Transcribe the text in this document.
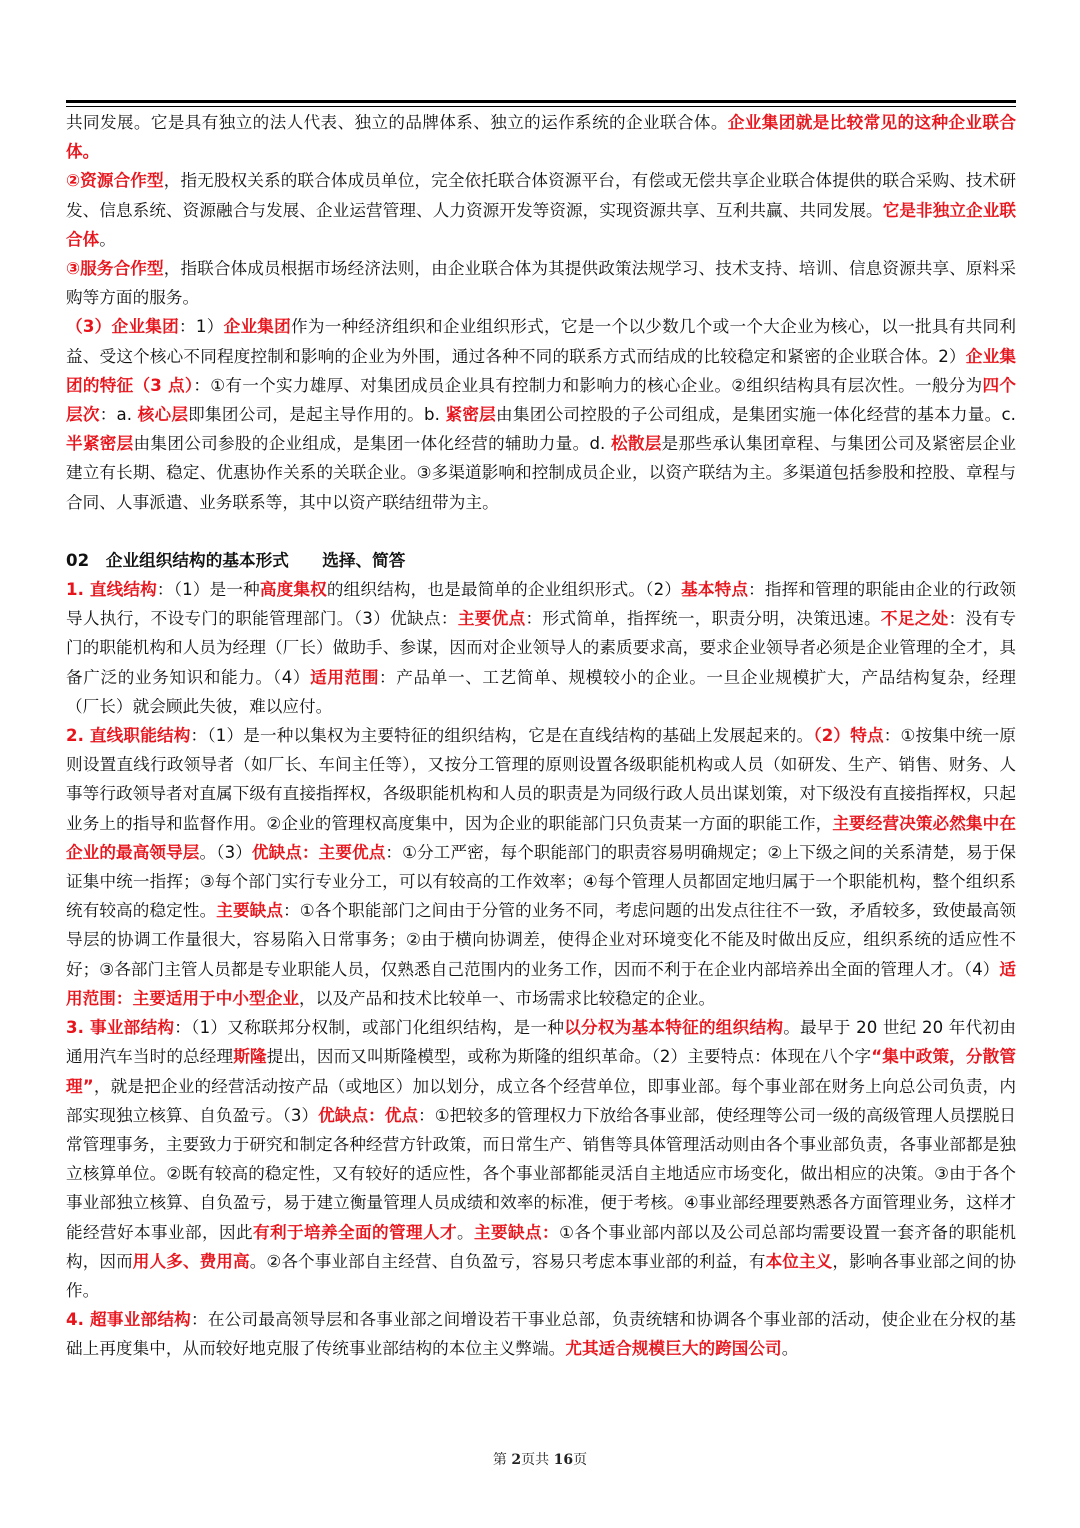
共同发展。它是具有独立的法人代表、独立的品牌体系、独立的运作系统的企业联合体。企业集团就是比较常见的这种企业联合体。

②资源合作型，指无股权关系的联合体成员单位，完全依托联合体资源平台，有偿或无偿共享企业联合体提供的联合采购、技术研发、信息系统、资源融合与发展、企业运营管理、人力资源开发等资源，实现资源共享、互利共赢、共同发展。它是非独立企业联合体。

③服务合作型，指联合体成员根据市场经济法则，由企业联合体为其提供政策法规学习、技术支持、培训、信息资源共享、原料采购等方面的服务。

（3）企业集团：1）企业集团作为一种经济组织和企业组织形式，它是一个以少数几个或一个大企业为核心，以一批具有共同利益、受这个核心不同程度控制和影响的企业为外围，通过各种不同的联系方式而结成的比较稳定和紧密的企业联合体。2）企业集团的特征（3 点）：①有一个实力雄厚、对集团成员企业具有控制力和影响力的核心企业。②组织结构具有层次性。一般分为四个层次：a. 核心层即集团公司，是起主导作用的。b. 紧密层由集团公司控股的子公司组成，是集团实施一体化经营的基本力量。c. 半紧密层由集团公司参股的企业组成，是集团一体化经营的辅助力量。d. 松散层是那些承认集团章程、与集团公司及紧密层企业建立有长期、稳定、优惠协作关系的关联企业。③多渠道影响和控制成员企业，以资产联结为主。多渠道包括参股和控股、章程与合同、人事派遣、业务联系等，其中以资产联结纽带为主。

02　企业组织结构的基本形式　　选择、简答

1. 直线结构：（1）是一种高度集权的组织结构，也是最简单的企业组织形式。（2）基本特点：指挥和管理的职能由企业的行政领导人执行，不设专门的职能管理部门。（3）优缺点：主要优点：形式简单，指挥统一，职责分明，决策迅速。不足之处：没有专门的职能机构和人员为经理（厂长）做助手、参谋，因而对企业领导人的素质要求高，要求企业领导者必须是企业管理的全才，具备广泛的业务知识和能力。（4）适用范围：产品单一、工艺简单、规模较小的企业。一旦企业规模扩大，产品结构复杂，经理（厂长）就会顾此失彼，难以应付。

2. 直线职能结构：（1）是一种以集权为主要特征的组织结构，它是在直线结构的基础上发展起来的。（2）特点：①按集中统一原则设置直线行政领导者（如厂长、车间主任等），又按分工管理的原则设置各级职能机构或人员（如研发、生产、销售、财务、人事等行政领导者对直属下级有直接指挥权，各级职能机构和人员的职责是为同级行政人员出谋划策，对下级没有直接指挥权，只起业务上的指导和监督作用。②企业的管理权高度集中，因为企业的职能部门只负责某一方面的职能工作，主要经营决策必然集中在企业的最高领导层。（3）优缺点：主要优点：①分工严密，每个职能部门的职责容易明确规定；②上下级之间的关系清楚，易于保证集中统一指挥；③每个部门实行专业分工，可以有较高的工作效率；④每个管理人员都固定地归属于一个职能机构，整个组织系统有较高的稳定性。主要缺点：①各个职能部门之间由于分管的业务不同，考虑问题的出发点往往不一致，矛盾较多，致使最高领导层的协调工作量很大，容易陷入日常事务；②由于横向协调差，使得企业对环境变化不能及时做出反应，组织系统的适应性不好；③各部门主管人员都是专业职能人员，仅熟悉自己范围内的业务工作，因而不利于在企业内部培养出全面的管理人才。（4）适用范围：主要适用于中小型企业，以及产品和技术比较单一、市场需求比较稳定的企业。

3. 事业部结构：（1）又称联邦分权制，或部门化组织结构，是一种以分权为基本特征的组织结构。最早于 20 世纪 20 年代初由通用汽车当时的总经理斯隆提出，因而又叫斯隆模型，或称为斯隆的组织革命。（2）主要特点：体现在八个字“集中政策，分散管理”，就是把企业的经营活动按产品（或地区）加以划分，成立各个经营单位，即事业部。每个事业部在财务上向总公司负责，内部实现独立核算、自负盈亏。（3）优缺点：优点：①把较多的管理权力下放给各事业部，使经理等公司一级的高级管理人员摆脱日常管理事务，主要致力于研究和制定各种经营方针政策，而日常生产、销售等具体管理活动则由各个事业部负责，各事业部都是独立核算单位。②既有较高的稳定性，又有较好的适应性，各个事业部都能灵活自主地适应市场变化，做出相应的决策。③由于各个事业部独立核算、自负盈亏，易于建立衡量管理人员成绩和效率的标准，便于考核。④事业部经理要熟悉各方面管理业务，这样才能经营好本事业部，因此有利于培养全面的管理人才。主要缺点：①各个事业部内部以及公司总部均需要设置一套齐备的职能机构，因而用人多、费用高。②各个事业部自主经营、自负盈亏，容易只考虑本事业部的利益，有本位主义，影响各事业部之间的协作。

4. 超事业部结构：在公司最高领导层和各事业部之间增设若干事业总部，负责统辖和协调各个事业部的活动，使企业在分权的基础上再度集中，从而较好地克服了传统事业部结构的本位主义弊端。尤其适合规模巨大的跨国公司。

第 2页共 16页
